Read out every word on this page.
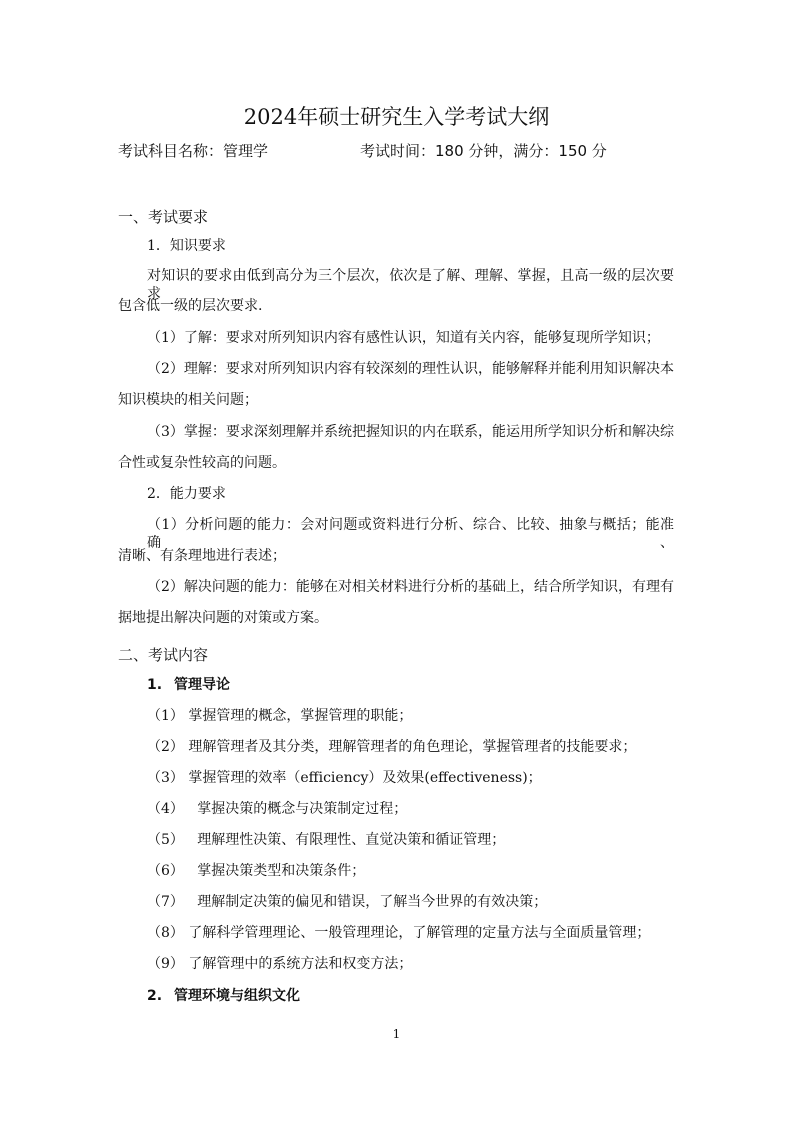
2024年硕士研究生入学考试大纲
考试科目名称：管理学	考试时间：180 分钟，满分：150 分
一、考试要求
1．知识要求
对知识的要求由低到高分为三个层次，依次是了解、理解、掌握，且高一级的层次要求
包含低一级的层次要求.
（1）了解：要求对所列知识内容有感性认识，知道有关内容，能够复现所学知识；
（2）理解：要求对所列知识内容有较深刻的理性认识，能够解释并能利用知识解决本
知识模块的相关问题；
（3）掌握：要求深刻理解并系统把握知识的内在联系，能运用所学知识分析和解决综
合性或复杂性较高的问题。
2．能力要求
（1）分析问题的能力：会对问题或资料进行分析、综合、比较、抽象与概括；能准确、
清晰、有条理地进行表述；
（2）解决问题的能力：能够在对相关材料进行分析的基础上，结合所学知识，有理有
据地提出解决问题的对策或方案。
二、考试内容
1. 管理导论
（1） 掌握管理的概念，掌握管理的职能；
（2） 理解管理者及其分类，理解管理者的角色理论，掌握管理者的技能要求；
（3） 掌握管理的效率（efficiency）及效果(effectiveness)；
（4）   掌握决策的概念与决策制定过程；
（5）   理解理性决策、有限理性、直觉决策和循证管理；
（6）   掌握决策类型和决策条件；
（7）   理解制定决策的偏见和错误，了解当今世界的有效决策；
（8） 了解科学管理理论、一般管理理论，了解管理的定量方法与全面质量管理；
（9） 了解管理中的系统方法和权变方法；
2. 管理环境与组织文化
1
